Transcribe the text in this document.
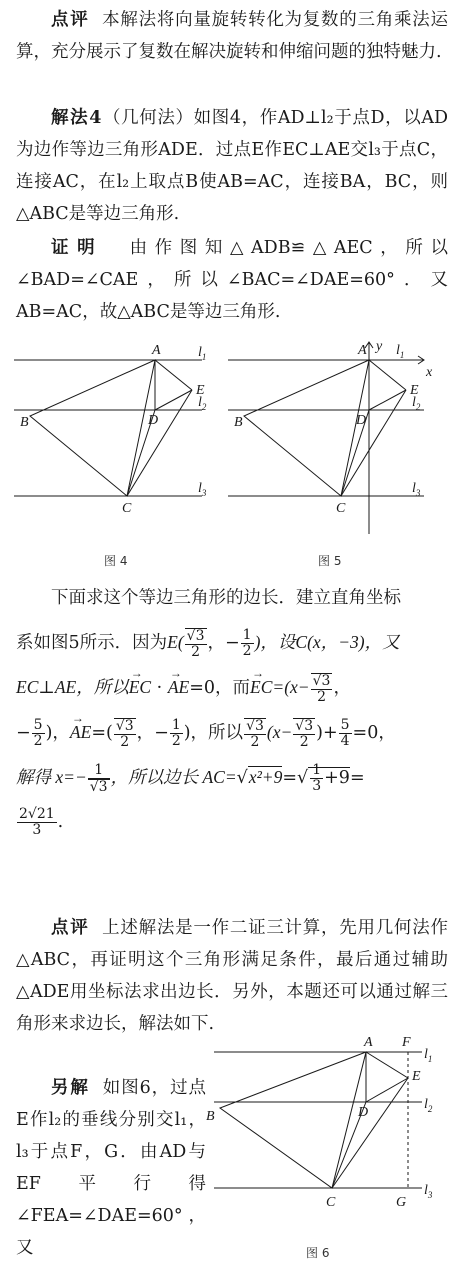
点评 本解法将向量旋转转化为复数的三角乘法运算，充分展示了复数在解决旋转和伸缩问题的独特魅力.
解法4（几何法）如图4，作AD⊥l₂于点D，以AD为边作等边三角形ADE．过点E作EC⊥AE交l₃于点C，连接AC，在l₂上取点B使AB=AC，连接BA，BC，则△ABC是等边三角形.
证明 由作图知△ADB≌△AEC，所以∠BAD=∠CAE，所以∠BAC=∠DAE=60°．又AB=AC，故△ABC是等边三角形.
A
B
C
D
E
$l_1$
$l_2$
$l_3$
图 4
A
B
C
D
E
y
x
$l_1$
$l_2$
$l_3$
图 5
下面求这个等边三角形的边长．建立直角坐标
系如图5所示．因为$E( \frac{√3}{2}$ ，− $\frac{1}{2}$ )，设C(x，−3)，又
EC⊥AE，所以→ EC · → AE=0，而→ $EC=(x- \frac{√3}{2}$ ，
− $\frac{5}{2}$ )，→ $AE=( \frac{√3}{2}$ ，− $\frac{1}{2}$ )，所以 $\frac{√3}{2} (x- \frac{√3}{2}$ )+ $\frac{5}{4} =0$，
解得 $x=- \frac{1}{√3}$ ，所以边长 $AC=√x^2+9=√ \frac{1}{3} +9=$
$\frac{2√21}{3}$ .
点评 上述解法是一作二证三计算，先用几何法作△ABC，再证明这个三角形满足条件，最后通过辅助△ADE用坐标法求出边长．另外，本题还可以通过解三角形来求边长，解法如下.
另解 如图6，过点E作l₂的垂线分别交l₁，l₃于点F，G．由AD与EF平行得∠FEA=∠DAE=60°，又
A
B
C
D
E
F
G
$l_1$
$l_2$
$l_3$
图 6
